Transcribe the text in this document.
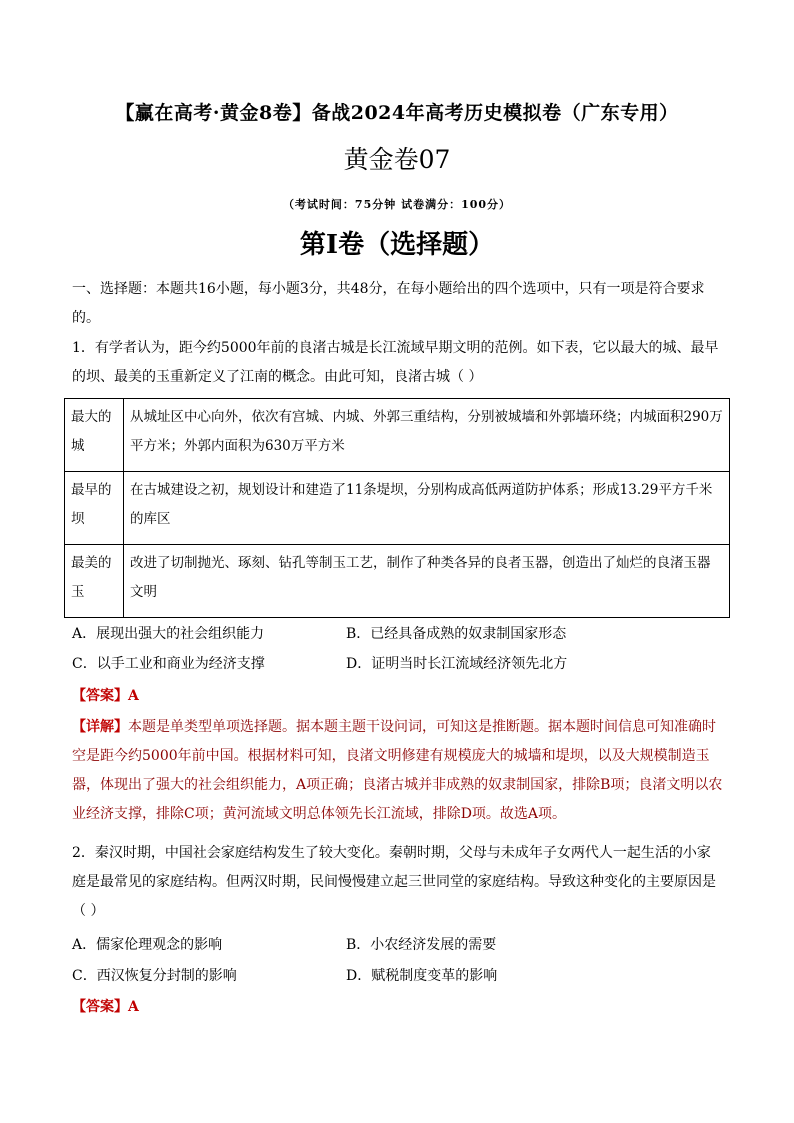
【赢在高考·黄金8卷】备战2024年高考历史模拟卷（广东专用）
黄金卷07
（考试时间：75分钟 试卷满分：100分）
第I卷（选择题）
一、选择题：本题共16小题，每小题3分，共48分，在每小题给出的四个选项中，只有一项是符合要求的。
1．有学者认为，距今约5000年前的良渚古城是长江流域早期文明的范例。如下表，它以最大的城、最早的坝、最美的玉重新定义了江南的概念。由此可知，良渚古城（ ）
最大的城	从城址区中心向外，依次有宫城、内城、外郭三重结构，分别被城墙和外郭墙环绕；内城面积290万平方米；外郭内面积为630万平方米
最早的坝	在古城建设之初，规划设计和建造了11条堤坝，分别构成高低两道防护体系；形成13.29平方千米的库区
最美的玉	改进了切制抛光、琢刻、钻孔等制玉工艺，制作了种类各异的良者玉器，创造出了灿烂的良渚玉器文明
A．展现出强大的社会组织能力	B．已经具备成熟的奴隶制国家形态
C．以手工业和商业为经济支撑	D．证明当时长江流域经济领先北方
【答案】A
【详解】本题是单类型单项选择题。据本题主题干设问词，可知这是推断题。据本题时间信息可知准确时空是距今约5000年前中国。根据材料可知，良渚文明修建有规模庞大的城墙和堤坝，以及大规模制造玉器，体现出了强大的社会组织能力，A项正确；良渚古城并非成熟的奴隶制国家，排除B项；良渚文明以农业经济支撑，排除C项；黄河流域文明总体领先长江流域，排除D项。故选A项。
2．秦汉时期，中国社会家庭结构发生了较大变化。秦朝时期，父母与未成年子女两代人一起生活的小家庭是最常见的家庭结构。但两汉时期，民间慢慢建立起三世同堂的家庭结构。导致这种变化的主要原因是（ ）
A．儒家伦理观念的影响	B．小农经济发展的需要
C．西汉恢复分封制的影响	D．赋税制度变革的影响
【答案】A
